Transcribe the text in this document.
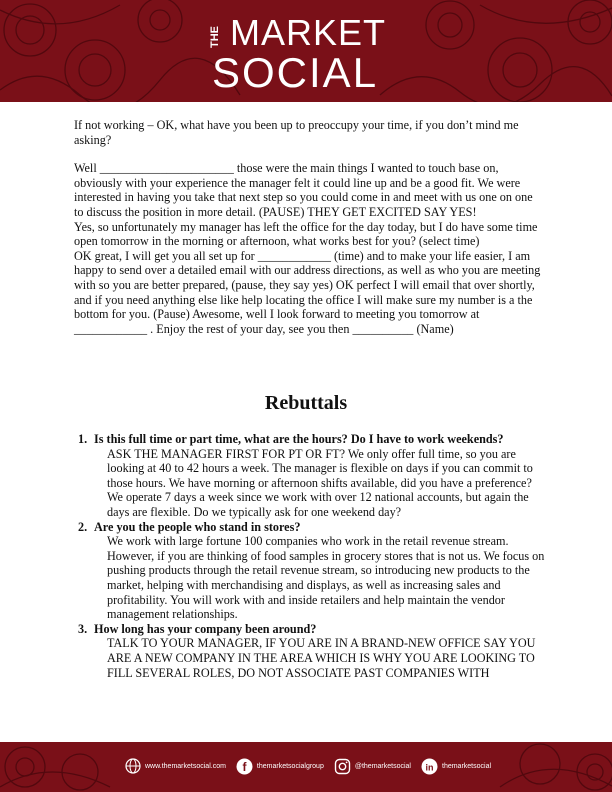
THE MARKET
SOCIAL

If not working – OK, what have you been up to preoccupy your time, if you don’t mind me asking?

Well ______________________ those were the main things I wanted to touch base on, obviously with your experience the manager felt it could line up and be a good fit. We were interested in having you take that next step so you could come in and meet with us one on one to discuss the position in more detail. (PAUSE) THEY GET EXCITED SAY YES!

Yes, so unfortunately my manager has left the office for the day today, but I do have some time open tomorrow in the morning or afternoon, what works best for you? (select time)

OK great, I will get you all set up for ____________ (time) and to make your life easier, I am happy to send over a detailed email with our address directions, as well as who you are meeting with so you are better prepared, (pause, they say yes) OK perfect I will email that over shortly, and if you need anything else like help locating the office I will make sure my number is a the bottom for you. (Pause) Awesome, well I look forward to meeting you tomorrow at ____________ . Enjoy the rest of your day, see you then __________ (Name)

Rebuttals
1. Is this full time or part time, what are the hours? Do I have to work weekends?
ASK THE MANAGER FIRST FOR PT OR FT? We only offer full time, so you are looking at 40 to 42 hours a week. The manager is flexible on days if you can commit to those hours. We have morning or afternoon shifts available, did you have a preference? We operate 7 days a week since we work with over 12 national accounts, but again the days are flexible. Do we typically ask for one weekend day?
2. Are you the people who stand in stores?
We work with large fortune 100 companies who work in the retail revenue stream. However, if you are thinking of food samples in grocery stores that is not us. We focus on pushing products through the retail revenue stream, so introducing new products to the market, helping with merchandising and displays, as well as increasing sales and profitability. You will work with and inside retailers and help maintain the vendor management relationships.
3. How long has your company been around?
TALK TO YOUR MANAGER, IF YOU ARE IN A BRAND-NEW OFFICE SAY YOU ARE A NEW COMPANY IN THE AREA WHICH IS WHY YOU ARE LOOKING TO FILL SEVERAL ROLES, DO NOT ASSOCIATE PAST COMPANIES WITH
www.themarketsocial.com f themarketsocialgroup	@themarketsocial in themarketsocial
